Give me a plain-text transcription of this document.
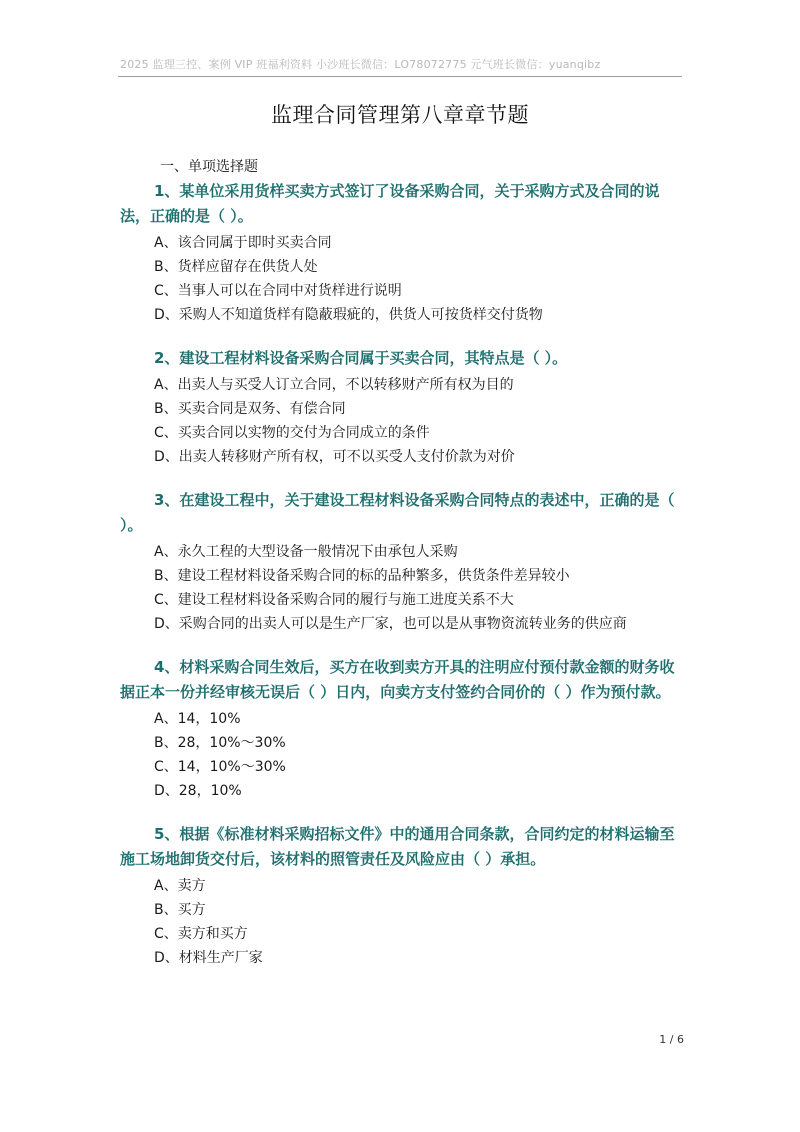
2025 监理三控、案例 VIP 班福利资料 小沙班长微信：LO78072775 元气班长微信：yuanqibz
监理合同管理第八章章节题
一、单项选择题
1、某单位采用货样买卖方式签订了设备采购合同，关于采购方式及合同的说法，正确的是（ ）。
A、该合同属于即时买卖合同
B、货样应留存在供货人处
C、当事人可以在合同中对货样进行说明
D、采购人不知道货样有隐蔽瑕疵的，供货人可按货样交付货物
2、建设工程材料设备采购合同属于买卖合同，其特点是（ ）。
A、出卖人与买受人订立合同，不以转移财产所有权为目的
B、买卖合同是双务、有偿合同
C、买卖合同以实物的交付为合同成立的条件
D、出卖人转移财产所有权，可不以买受人支付价款为对价
3、在建设工程中，关于建设工程材料设备采购合同特点的表述中，正确的是（ ）。
A、永久工程的大型设备一般情况下由承包人采购
B、建设工程材料设备采购合同的标的品种繁多，供货条件差异较小
C、建设工程材料设备采购合同的履行与施工进度关系不大
D、采购合同的出卖人可以是生产厂家，也可以是从事物资流转业务的供应商
4、材料采购合同生效后，买方在收到卖方开具的注明应付预付款金额的财务收据正本一份并经审核无误后（ ）日内，向卖方支付签约合同价的（ ）作为预付款。
A、14，10%
B、28，10%～30%
C、14，10%～30%
D、28，10%
5、根据《标准材料采购招标文件》中的通用合同条款，合同约定的材料运输至施工场地卸货交付后，该材料的照管责任及风险应由（ ）承担。
A、卖方
B、买方
C、卖方和买方
D、材料生产厂家
1 / 6
